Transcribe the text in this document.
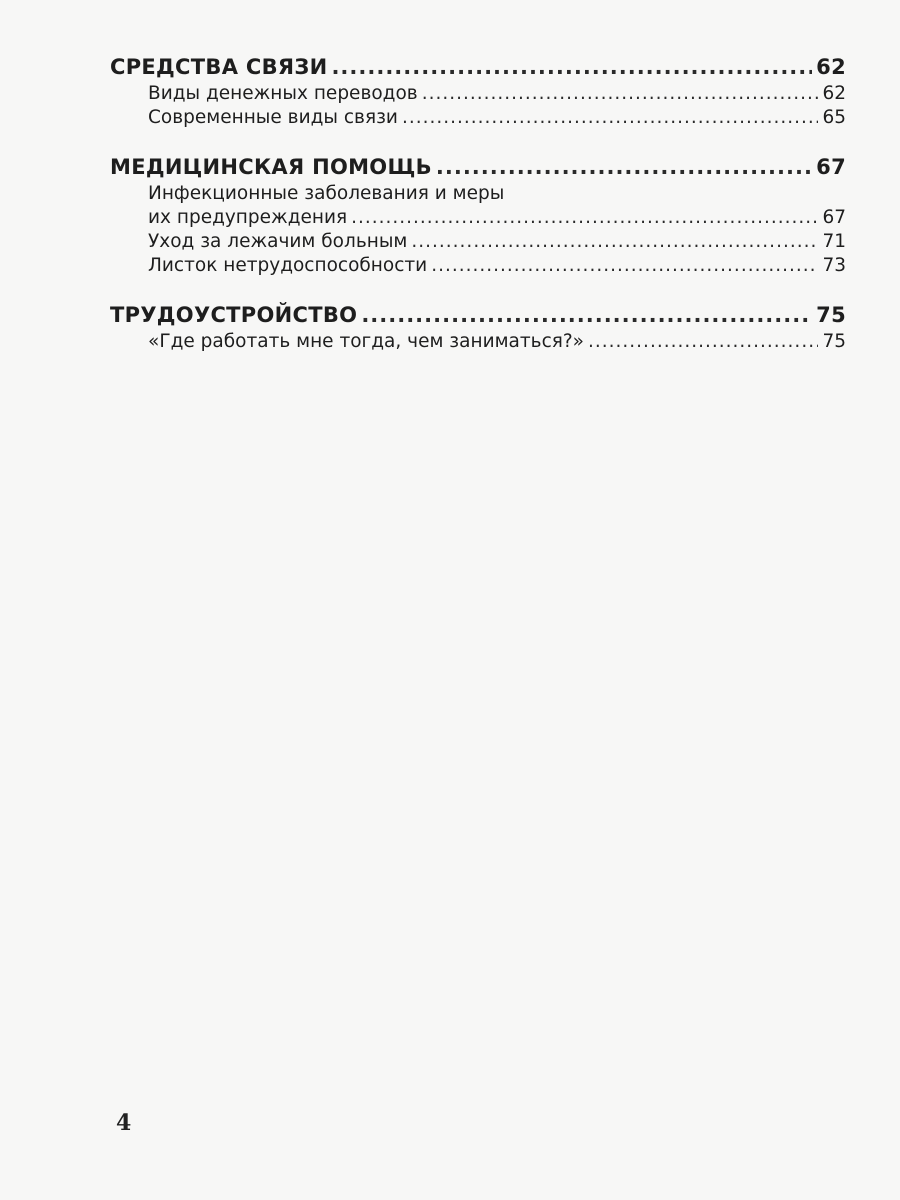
СРЕДСТВА СВЯЗИ .....	62
Виды денежных переводов .....	62
Современные виды связи .....	65
МЕДИЦИНСКАЯ ПОМОЩЬ .....	67
Инфекционные заболевания и меры
их предупреждения .....	67
Уход за лежачим больным .....	71
Листок нетрудоспособности .....	73
ТРУДОУСТРОЙСТВО .....	75
«Где работать мне тогда, чем заниматься?» .....	75
4
